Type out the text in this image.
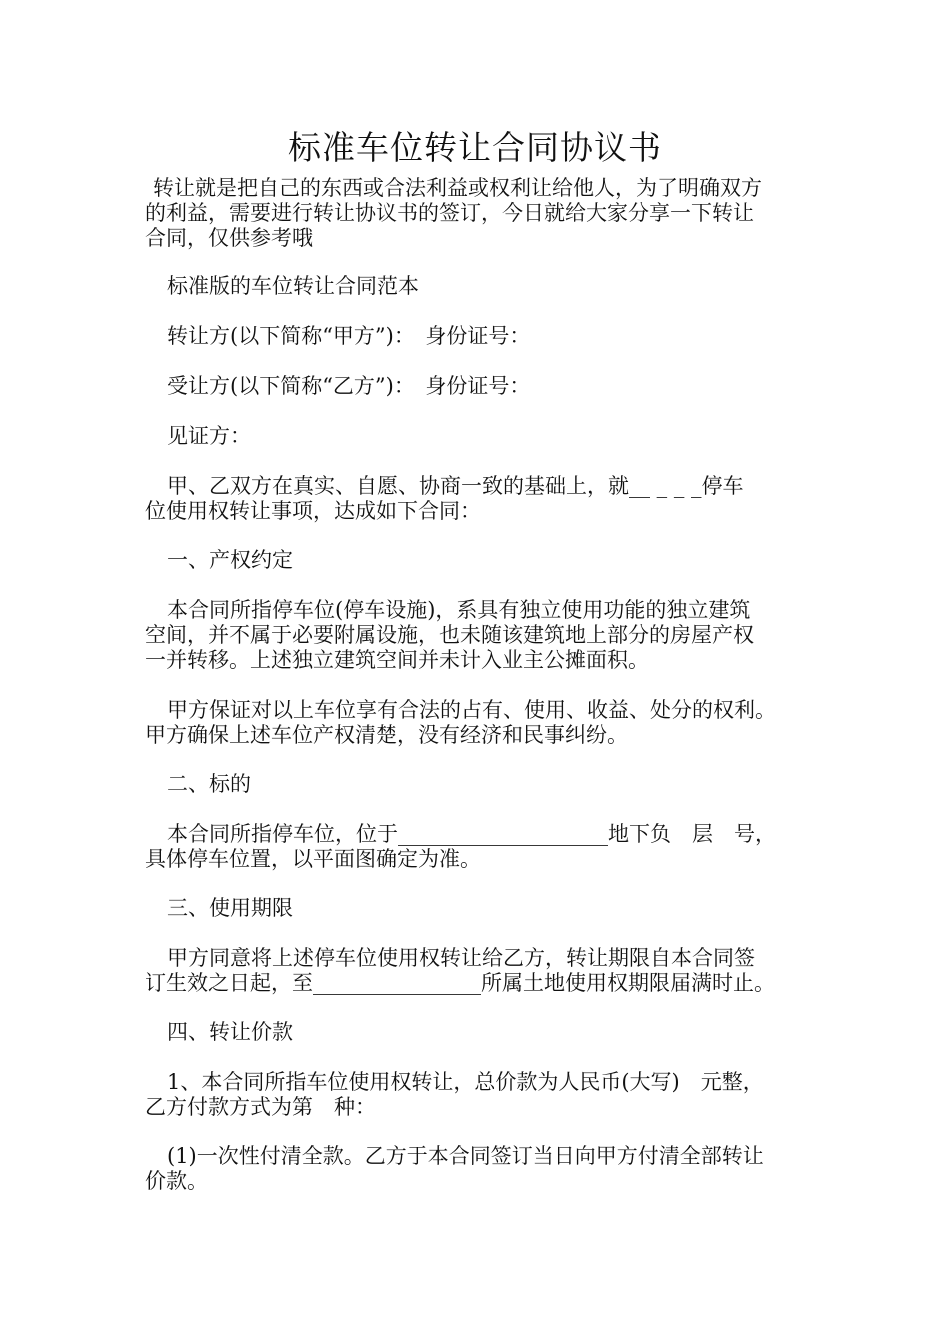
标准车位转让合同协议书
转让就是把自己的东西或合法利益或权利让给他人，为了明确双方
的利益，需要进行转让协议书的签订，今日就给大家分享一下转让
合同，仅供参考哦
标准版的车位转让合同范本
转让方(以下简称“甲方”)：　身份证号：
受让方(以下简称“乙方”)：　身份证号：
见证方：
甲、乙双方在真实、自愿、协商一致的基础上，就__ _ _ _停车
位使用权转让事项，达成如下合同：
一、产权约定
本合同所指停车位(停车设施)，系具有独立使用功能的独立建筑
空间，并不属于必要附属设施，也未随该建筑地上部分的房屋产权
一并转移。上述独立建筑空间并未计入业主公摊面积。
甲方保证对以上车位享有合法的占有、使用、收益、处分的权利。
甲方确保上述车位产权清楚，没有经济和民事纠纷。
二、标的
本合同所指停车位，位于____________________地下负　层　号，
具体停车位置，以平面图确定为准。
三、使用期限
甲方同意将上述停车位使用权转让给乙方，转让期限自本合同签
订生效之日起，至________________所属土地使用权期限届满时止。
四、转让价款
1、本合同所指车位使用权转让，总价款为人民币(大写)　元整，
乙方付款方式为第　种：
(1)一次性付清全款。乙方于本合同签订当日向甲方付清全部转让
价款。
